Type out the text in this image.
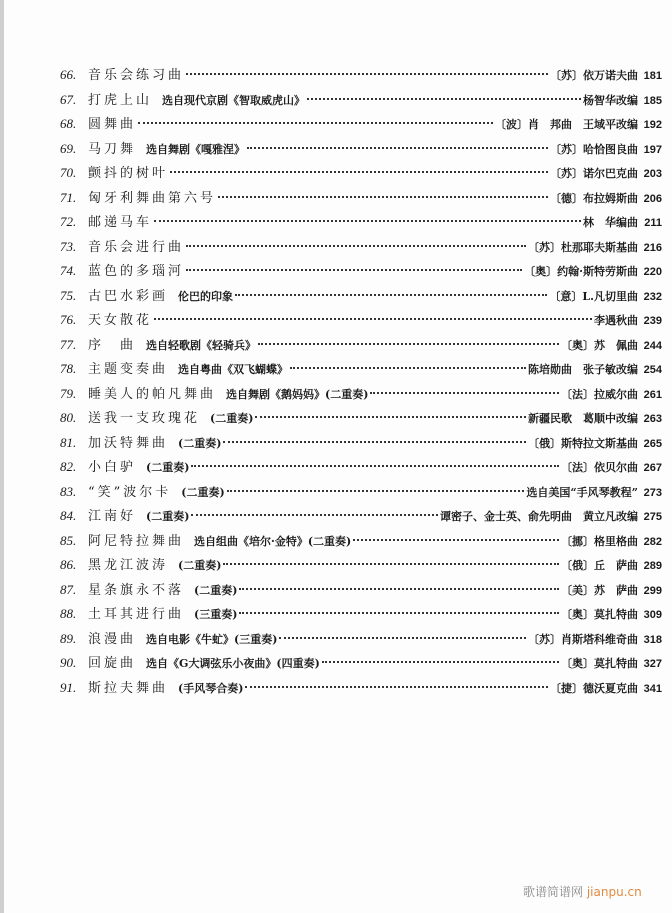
66. 音乐会练习曲	〔苏〕依万诺夫曲 181
67. 打虎上山 选自现代京剧《智取威虎山》	杨智华改编 185
68. 圆舞曲	〔波〕肖　邦曲　王域平改编 192
69. 马刀舞 选自舞剧《嘎雅涅》	〔苏〕哈恰图良曲 197
70. 颤抖的树叶	〔苏〕诺尔巴克曲 203
71. 匈牙利舞曲第六号	〔德〕布拉姆斯曲 206
72. 邮递马车	林　华编曲 211
73. 音乐会进行曲	〔苏〕杜那耶夫斯基曲 216
74. 蓝色的多瑙河	〔奥〕约翰·斯特劳斯曲 220
75. 古巴水彩画 伦巴的印象	〔意〕L.凡切里曲 232
76. 天女散花	李遇秋曲 239
77. 序　曲 选自轻歌剧《轻骑兵》	〔奥〕苏　佩曲 244
78. 主题变奏曲 选自粤曲《双飞蝴蝶》	陈培勋曲　张子敏改编 254
79. 睡美人的帕凡舞曲 选自舞剧《鹅妈妈》(二重奏)	〔法〕拉威尔曲 261
80. 送我一支玫瑰花 (二重奏)	新疆民歌　葛顺中改编 263
81. 加沃特舞曲 (二重奏)	〔俄〕斯特拉文斯基曲 265
82. 小白驴 (二重奏)	〔法〕依贝尔曲 267
83. “笑”波尔卡 (二重奏)	选自美国“手风琴教程” 273
84. 江南好 (二重奏)	谭密子、金士英、俞先明曲　黄立凡改编 275
85. 阿尼特拉舞曲 选自组曲《培尔·金特》(二重奏)	〔挪〕格里格曲 282
86. 黑龙江波涛 (二重奏)	〔俄〕丘　萨曲 289
87. 星条旗永不落 (二重奏)	〔美〕苏　萨曲 299
88. 土耳其进行曲 (三重奏)	〔奥〕莫扎特曲 309
89. 浪漫曲 选自电影《牛虻》(三重奏)	〔苏〕肖斯塔科维奇曲 318
90. 回旋曲 选自《G大调弦乐小夜曲》(四重奏)	〔奥〕莫扎特曲 327
91. 斯拉夫舞曲 (手风琴合奏)	〔捷〕德沃夏克曲 341
歌谱简谱网 jianpu.cn
